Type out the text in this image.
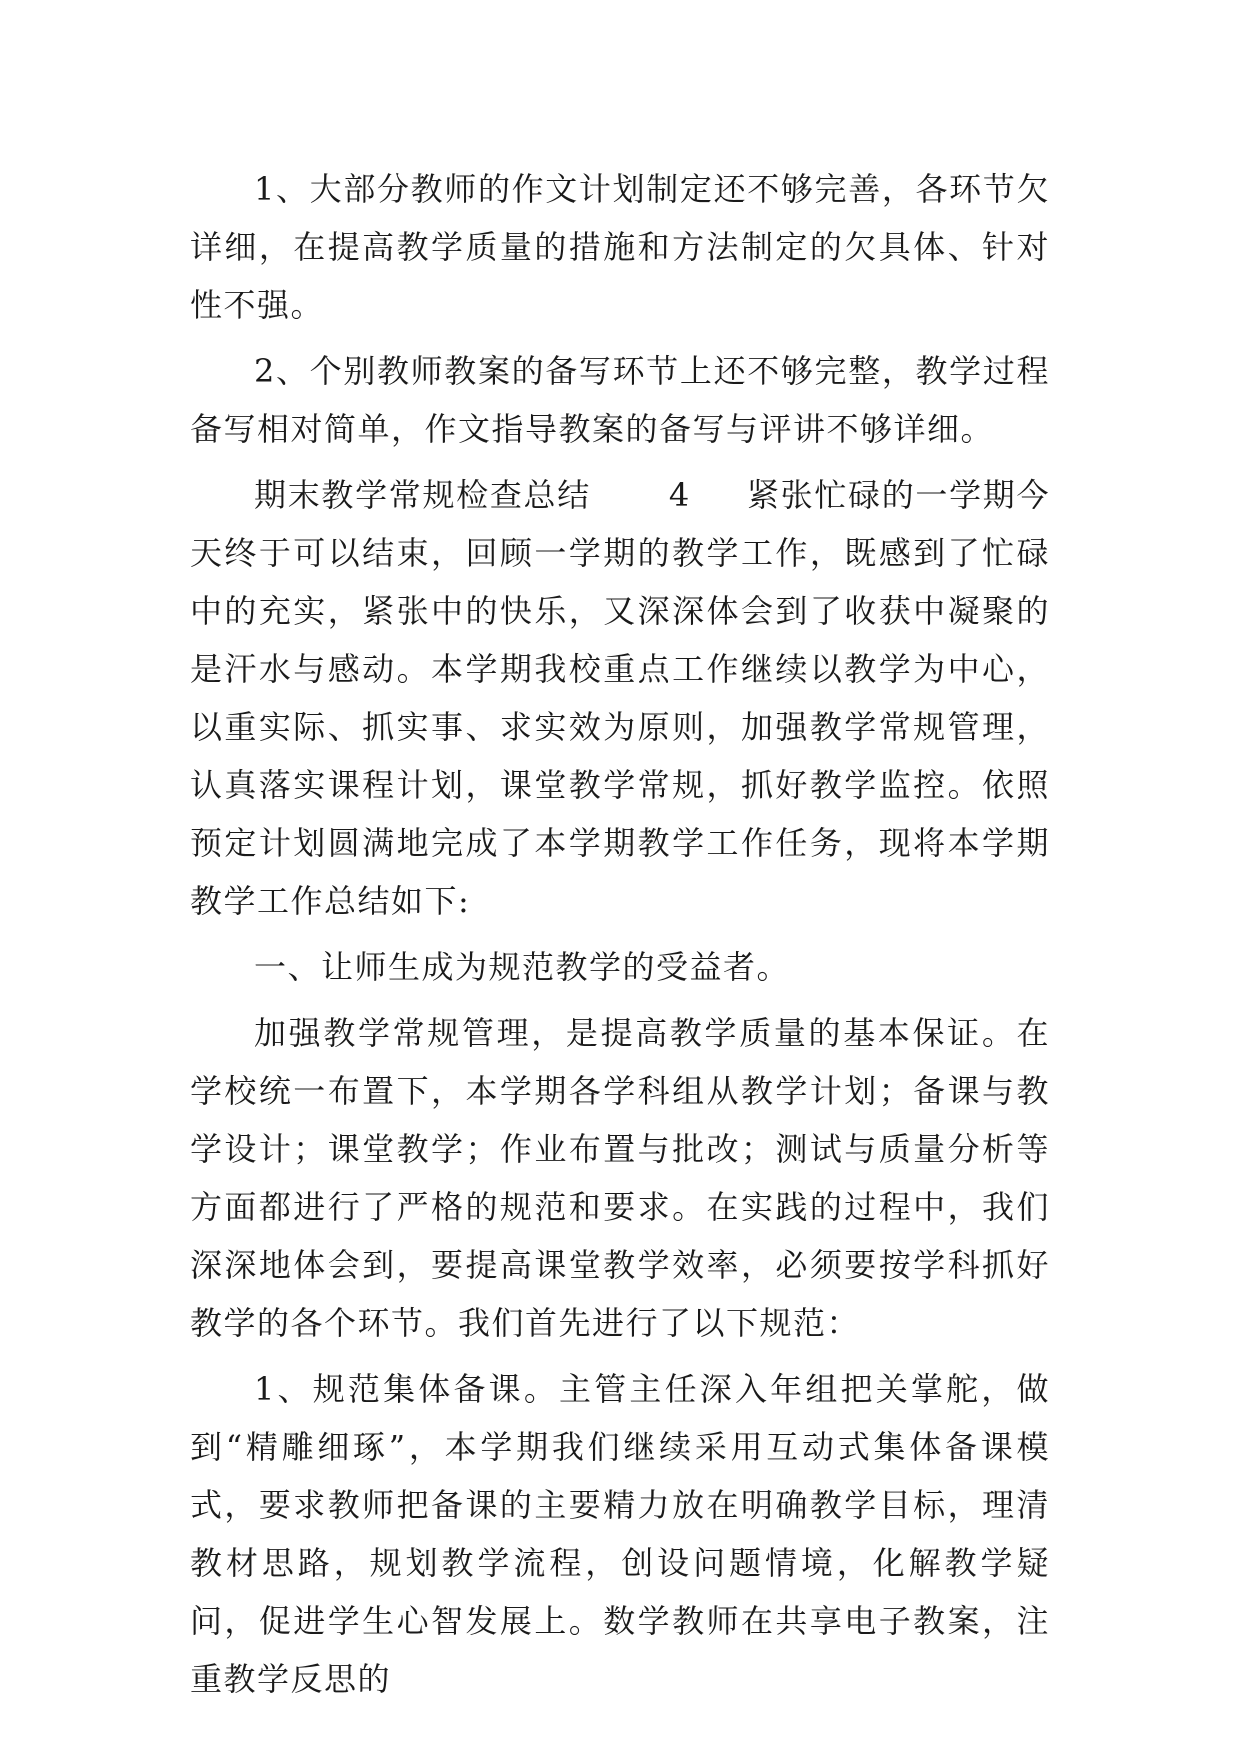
1、大部分教师的作文计划制定还不够完善，各环节欠详细，在提高教学质量的措施和方法制定的欠具体、针对性不强。

2、个别教师教案的备写环节上还不够完整，教学过程备写相对简单，作文指导教案的备写与评讲不够详细。

期末教学常规检查总结 4 紧张忙碌的一学期今天终于可以结束，回顾一学期的教学工作，既感到了忙碌中的充实，紧张中的快乐，又深深体会到了收获中凝聚的是汗水与感动。本学期我校重点工作继续以教学为中心，以重实际、抓实事、求实效为原则，加强教学常规管理，认真落实课程计划，课堂教学常规，抓好教学监控。依照预定计划圆满地完成了本学期教学工作任务，现将本学期教学工作总结如下:

一、让师生成为规范教学的受益者。

加强教学常规管理，是提高教学质量的基本保证。在学校统一布置下，本学期各学科组从教学计划；备课与教学设计；课堂教学；作业布置与批改；测试与质量分析等方面都进行了严格的规范和要求。在实践的过程中，我们深深地体会到，要提高课堂教学效率，必须要按学科抓好教学的各个环节。我们首先进行了以下规范：

1、规范集体备课。主管主任深入年组把关掌舵，做到“精雕细琢”，本学期我们继续采用互动式集体备课模式，要求教师把备课的主要精力放在明确教学目标，理清教材思路，规划教学流程，创设问题情境，化解教学疑问，促进学生心智发展上。数学教师在共享电子教案，注重教学反思的
